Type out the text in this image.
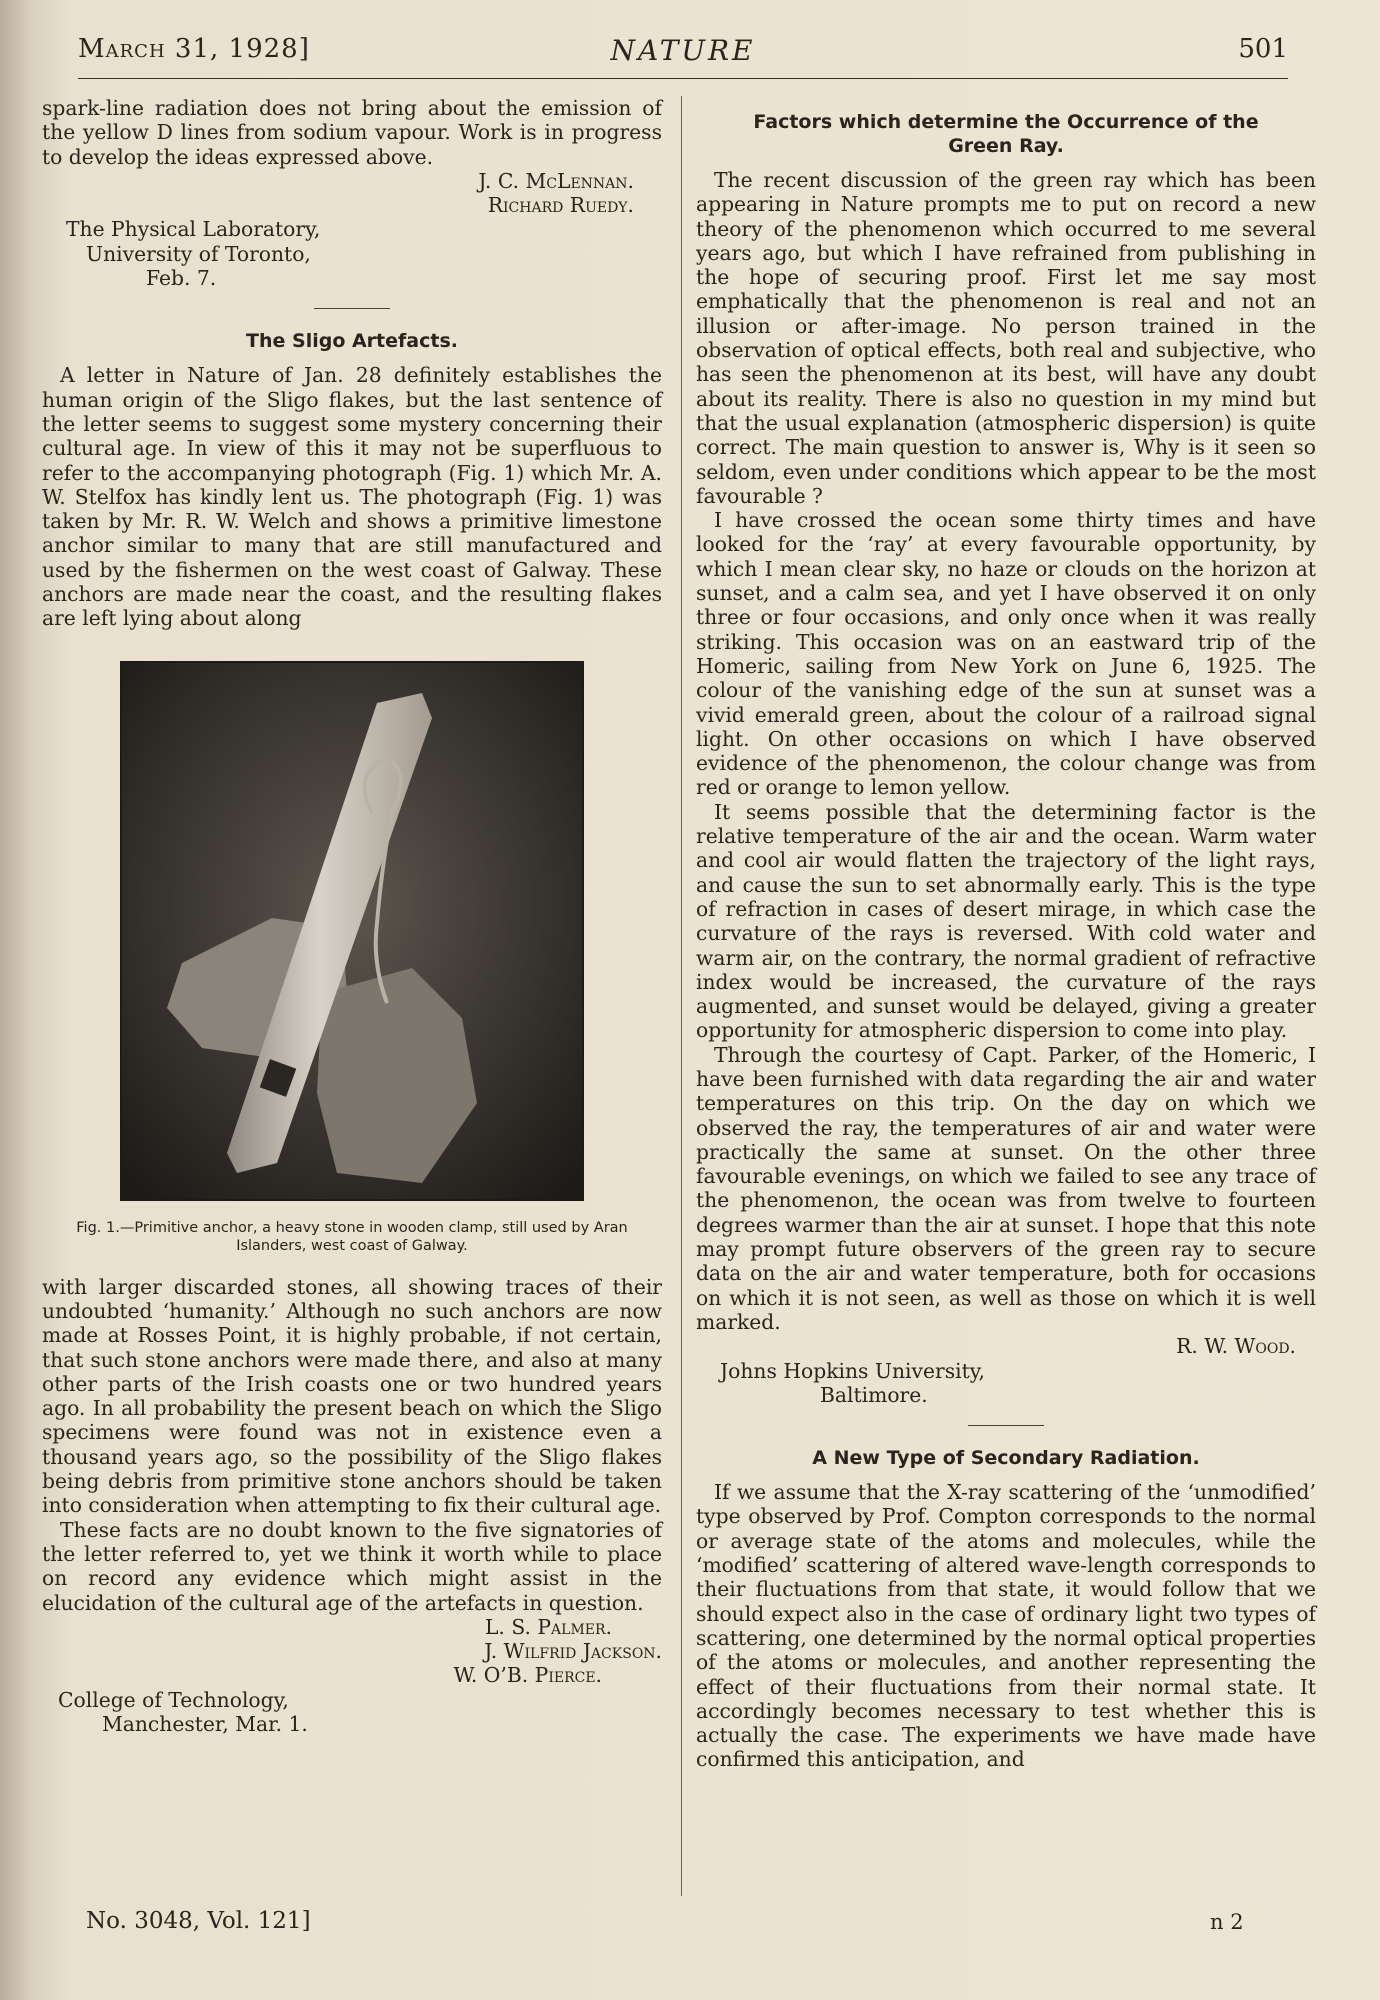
March 31, 1928]	NATURE	501

spark-line radiation does not bring about the emission of the yellow D lines from sodium vapour. Work is in progress to develop the ideas expressed above.

J. C. McLennan.
Richard Ruedy.
The Physical Laboratory,
University of Toronto,
Feb. 7.
The Sligo Artefacts.

A letter in Nature of Jan. 28 definitely establishes the human origin of the Sligo flakes, but the last sentence of the letter seems to suggest some mystery concerning their cultural age. In view of this it may not be superfluous to refer to the accompanying photograph (Fig. 1) which Mr. A. W. Stelfox has kindly lent us. The photograph (Fig. 1) was taken by Mr. R. W. Welch and shows a primitive limestone anchor similar to many that are still manufactured and used by the fishermen on the west coast of Galway. These anchors are made near the coast, and the resulting flakes are left lying about along

Fig. 1.—Primitive anchor, a heavy stone in wooden clamp, still used by Aran Islanders, west coast of Galway.

with larger discarded stones, all showing traces of their undoubted ‘humanity.’ Although no such anchors are now made at Rosses Point, it is highly probable, if not certain, that such stone anchors were made there, and also at many other parts of the Irish coasts one or two hundred years ago. In all probability the present beach on which the Sligo specimens were found was not in existence even a thousand years ago, so the possibility of the Sligo flakes being debris from primitive stone anchors should be taken into consideration when attempting to fix their cultural age.

These facts are no doubt known to the five signatories of the letter referred to, yet we think it worth while to place on record any evidence which might assist in the elucidation of the cultural age of the artefacts in question.

L. S. Palmer.
J. Wilfrid Jackson.
W. O’B. Pierce.
College of Technology,
Manchester, Mar. 1.
Factors which determine the Occurrence of the Green Ray.

The recent discussion of the green ray which has been appearing in Nature prompts me to put on record a new theory of the phenomenon which occurred to me several years ago, but which I have refrained from publishing in the hope of securing proof. First let me say most emphatically that the phenomenon is real and not an illusion or after-image. No person trained in the observation of optical effects, both real and subjective, who has seen the phenomenon at its best, will have any doubt about its reality. There is also no question in my mind but that the usual explanation (atmospheric dispersion) is quite correct. The main question to answer is, Why is it seen so seldom, even under conditions which appear to be the most favourable ?

I have crossed the ocean some thirty times and have looked for the ‘ray’ at every favourable opportunity, by which I mean clear sky, no haze or clouds on the horizon at sunset, and a calm sea, and yet I have observed it on only three or four occasions, and only once when it was really striking. This occasion was on an eastward trip of the Homeric, sailing from New York on June 6, 1925. The colour of the vanishing edge of the sun at sunset was a vivid emerald green, about the colour of a railroad signal light. On other occasions on which I have observed evidence of the phenomenon, the colour change was from red or orange to lemon yellow.

It seems possible that the determining factor is the relative temperature of the air and the ocean. Warm water and cool air would flatten the trajectory of the light rays, and cause the sun to set abnormally early. This is the type of refraction in cases of desert mirage, in which case the curvature of the rays is reversed. With cold water and warm air, on the contrary, the normal gradient of refractive index would be increased, the curvature of the rays augmented, and sunset would be delayed, giving a greater opportunity for atmospheric dispersion to come into play.

Through the courtesy of Capt. Parker, of the Homeric, I have been furnished with data regarding the air and water temperatures on this trip. On the day on which we observed the ray, the temperatures of air and water were practically the same at sunset. On the other three favourable evenings, on which we failed to see any trace of the phenomenon, the ocean was from twelve to fourteen degrees warmer than the air at sunset. I hope that this note may prompt future observers of the green ray to secure data on the air and water temperature, both for occasions on which it is not seen, as well as those on which it is well marked.

R. W. Wood.
Johns Hopkins University,
Baltimore.
A New Type of Secondary Radiation.

If we assume that the X-ray scattering of the ‘unmodified’ type observed by Prof. Compton corresponds to the normal or average state of the atoms and molecules, while the ‘modified’ scattering of altered wave-length corresponds to their fluctuations from that state, it would follow that we should expect also in the case of ordinary light two types of scattering, one determined by the normal optical properties of the atoms or molecules, and another representing the effect of their fluctuations from their normal state. It accordingly becomes necessary to test whether this is actually the case. The experiments we have made have confirmed this anticipation, and

No. 3048, Vol. 121]	n 2
